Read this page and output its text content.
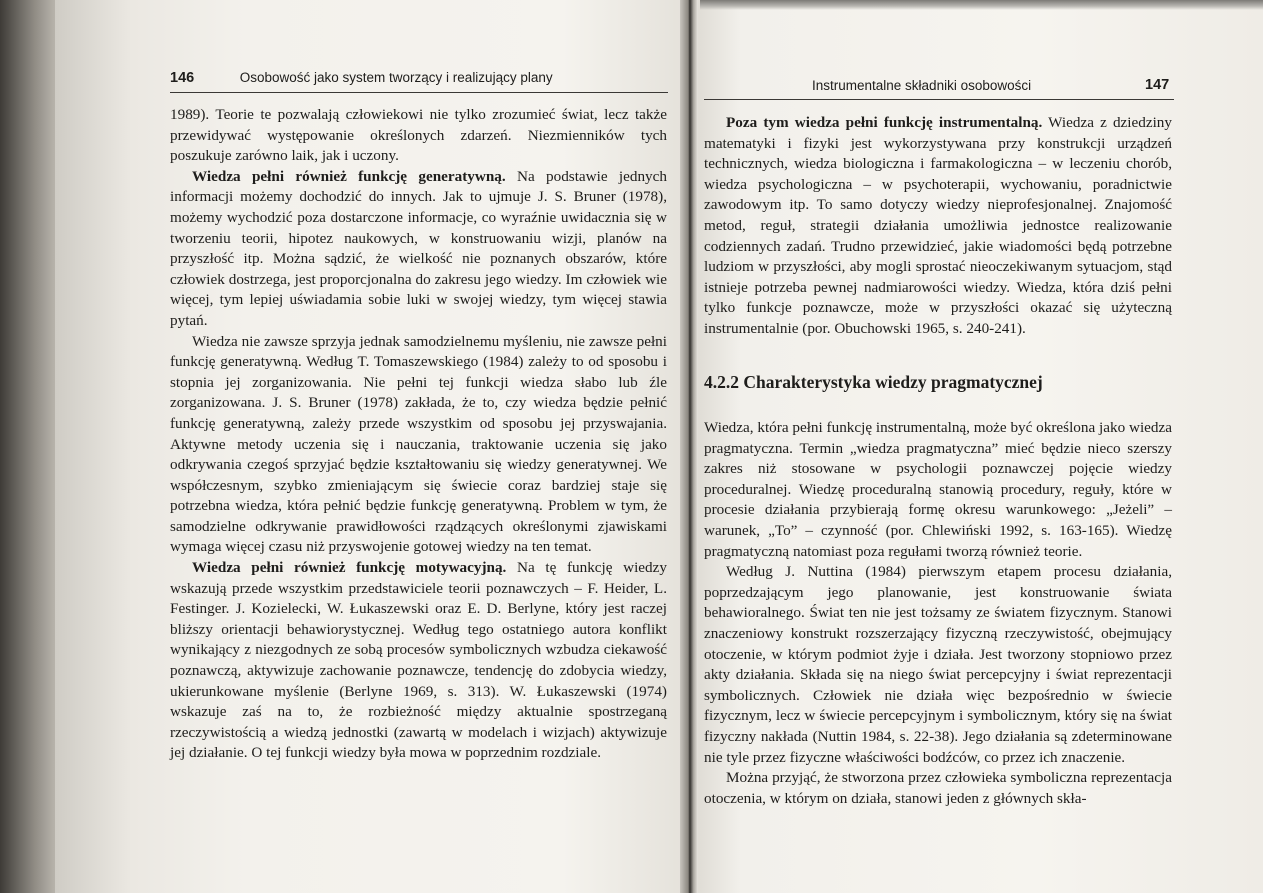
146	Osobowość jako system tworzący i realizujący plany

1989). Teorie te pozwalają człowiekowi nie tylko zrozumieć świat, lecz także przewidywać występowanie określonych zdarzeń. Niezmienników tych poszukuje zarówno laik, jak i uczony.

Wiedza pełni również funkcję generatywną. Na podstawie jednych informacji możemy dochodzić do innych. Jak to ujmuje J. S. Bruner (1978), możemy wychodzić poza dostarczone informacje, co wyraźnie uwidacznia się w tworzeniu teorii, hipotez naukowych, w konstruowaniu wizji, planów na przyszłość itp. Można sądzić, że wielkość nie poznanych obszarów, które człowiek dostrzega, jest proporcjonalna do zakresu jego wiedzy. Im człowiek wie więcej, tym lepiej uświadamia sobie luki w swojej wiedzy, tym więcej stawia pytań.

Wiedza nie zawsze sprzyja jednak samodzielnemu myśleniu, nie zawsze pełni funkcję generatywną. Według T. Tomaszewskiego (1984) zależy to od sposobu i stopnia jej zorganizowania. Nie pełni tej funkcji wiedza słabo lub źle zorganizowana. J. S. Bruner (1978) zakłada, że to, czy wiedza będzie pełnić funkcję generatywną, zależy przede wszystkim od sposobu jej przyswajania. Aktywne metody uczenia się i nauczania, traktowanie uczenia się jako odkrywania czegoś sprzyjać będzie kształtowaniu się wiedzy generatywnej. We współczesnym, szybko zmieniającym się świecie coraz bardziej staje się potrzebna wiedza, która pełnić będzie funkcję generatywną. Problem w tym, że samodzielne odkrywanie prawidłowości rządzących określonymi zjawiskami wymaga więcej czasu niż przyswojenie gotowej wiedzy na ten temat.

Wiedza pełni również funkcję motywacyjną. Na tę funkcję wiedzy wskazują przede wszystkim przedstawiciele teorii poznawczych – F. Heider, L. Festinger. J. Kozielecki, W. Łukaszewski oraz E. D. Berlyne, który jest raczej bliższy orientacji behawiorystycznej. Według tego ostatniego autora konflikt wynikający z niezgodnych ze sobą procesów symbolicznych wzbudza ciekawość poznawczą, aktywizuje zachowanie poznawcze, tendencję do zdobycia wiedzy, ukierunkowane myślenie (Berlyne 1969, s. 313). W. Łukaszewski (1974) wskazuje zaś na to, że rozbieżność między aktualnie spostrzeganą rzeczywistością a wiedzą jednostki (zawartą w modelach i wizjach) aktywizuje jej działanie. O tej funkcji wiedzy była mowa w poprzednim rozdziale.

Instrumentalne składniki osobowości	147

Poza tym wiedza pełni funkcję instrumentalną. Wiedza z dziedziny matematyki i fizyki jest wykorzystywana przy konstrukcji urządzeń technicznych, wiedza biologiczna i farmakologiczna – w leczeniu chorób, wiedza psychologiczna – w psychoterapii, wychowaniu, poradnictwie zawodowym itp. To samo dotyczy wiedzy nieprofesjonalnej. Znajomość metod, reguł, strategii działania umożliwia jednostce realizowanie codziennych zadań. Trudno przewidzieć, jakie wiadomości będą potrzebne ludziom w przyszłości, aby mogli sprostać nieoczekiwanym sytuacjom, stąd istnieje potrzeba pewnej nadmiarowości wiedzy. Wiedza, która dziś pełni tylko funkcje poznawcze, może w przyszłości okazać się użyteczną instrumentalnie (por. Obuchowski 1965, s. 240-241).

4.2.2 Charakterystyka wiedzy pragmatycznej

Wiedza, która pełni funkcję instrumentalną, może być określona jako wiedza pragmatyczna. Termin „wiedza pragmatyczna” mieć będzie nieco szerszy zakres niż stosowane w psychologii poznawczej pojęcie wiedzy proceduralnej. Wiedzę proceduralną stanowią procedury, reguły, które w procesie działania przybierają formę okresu warunkowego: „Jeżeli” – warunek, „To” – czynność (por. Chlewiński 1992, s. 163-165). Wiedzę pragmatyczną natomiast poza regułami tworzą również teorie.

Według J. Nuttina (1984) pierwszym etapem procesu działania, poprzedzającym jego planowanie, jest konstruowanie świata behawioralnego. Świat ten nie jest tożsamy ze światem fizycznym. Stanowi znaczeniowy konstrukt rozszerzający fizyczną rzeczywistość, obejmujący otoczenie, w którym podmiot żyje i działa. Jest tworzony stopniowo przez akty działania. Składa się na niego świat percepcyjny i świat reprezentacji symbolicznych. Człowiek nie działa więc bezpośrednio w świecie fizycznym, lecz w świecie percepcyjnym i symbolicznym, który się na świat fizyczny nakłada (Nuttin 1984, s. 22-38). Jego działania są zdeterminowane nie tyle przez fizyczne właściwości bodźców, co przez ich znaczenie.

Można przyjąć, że stworzona przez człowieka symboliczna reprezentacja otoczenia, w którym on działa, stanowi jeden z głównych skła-
